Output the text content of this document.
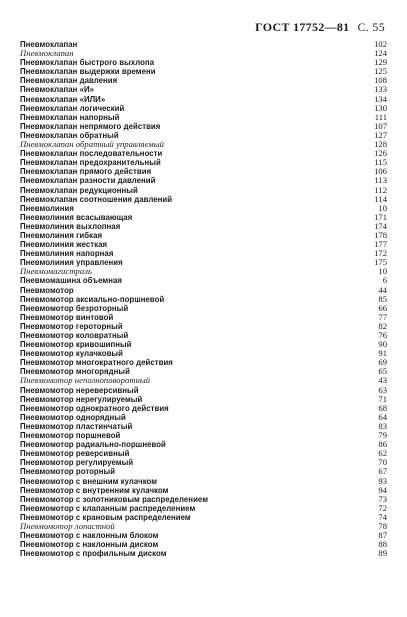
ГОСТ 17752—81 С. 55
Пневмоклапан	102
Пневмоклапан	124
Пневмоклапан быстрого выхлопа	129
Пневмоклапан выдержки времени	125
Пневмоклапан давления	108
Пневмоклапан «И»	133
Пневмоклапан «ИЛИ»	134
Пневмоклапан логический	130
Пневмоклапан напорный	111
Пневмоклапан непрямого действия	107
Пневмоклапан обратный	127
Пневмоклапан обратный управляемый	128
Пневмоклапан последовательности	126
Пневмоклапан предохранительный	115
Пневмоклапан прямого действия	106
Пневмоклапан разности давлений	113
Пневмоклапан редукционный	112
Пневмоклапан соотношения давлений	114
Пневмолиния	10
Пневмолиния всасывающая	171
Пневмолиния выхлопная	174
Пневмолиния гибкая	178
Пневмолиния жесткая	177
Пневмолиния напорная	172
Пневмолиния управления	175
Пневмомагистраль	10
Пневмомашина объемная	6
Пневмомотор	44
Пневмомотор аксиально-поршневой	85
Пневмомотор безроторный	66
Пневмомотор винтовой	77
Пневмомотор героторный	82
Пневмомотор коловратный	76
Пневмомотор кривошипный	90
Пневмомотор кулачковый	91
Пневмомотор многократного действия	69
Пневмомотор многорядный	65
Пневмомотор неполноповоротный	43
Пневмомотор нереверсивный	63
Пневмомотор нерегулируемый	71
Пневмомотор однократного действия	68
Пневмомотор однорядный	64
Пневмомотор пластинчатый	83
Пневмомотор поршневой	79
Пневмомотор радиально-поршневой	86
Пневмомотор реверсивный	62
Пневмомотор регулируемый	70
Пневмомотор роторный	67
Пневмомотор с внешним кулачком	93
Пневмомотор с внутренним кулачком	94
Пневмомотор с золотниковым распределением	73
Пневмомотор с клапанным распределением	72
Пневмомотор с крановым распределением	74
Пневмомотор лопастной	78
Пневмомотор с наклонным блоком	87
Пневмомотор с наклонным диском	88
Пневмомотор с профильным диском	89
